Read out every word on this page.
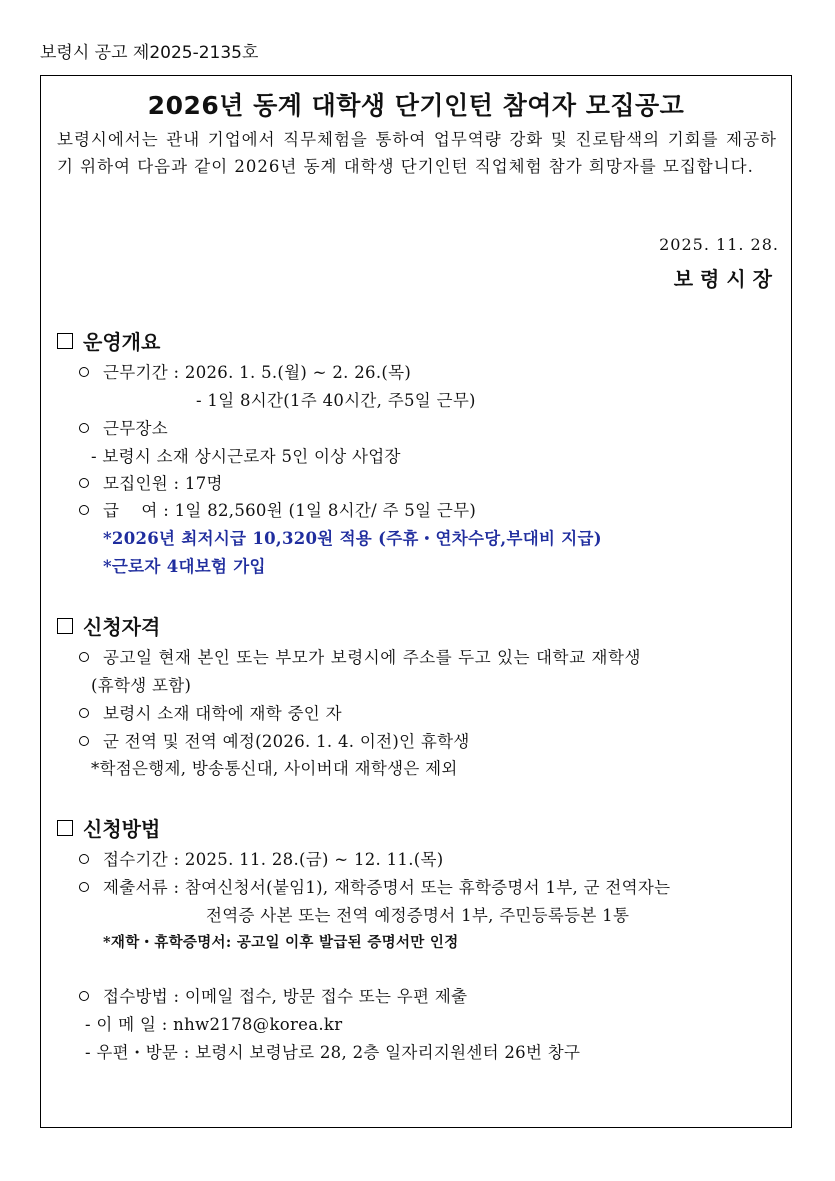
보령시 공고 제2025-2135호
2026년 동계 대학생 단기인턴 참여자 모집공고
보령시에서는 관내 기업에서 직무체험을 통하여 업무역량 강화 및 진로탐색의 기회를 제공하기 위하여 다음과 같이 2026년 동계 대학생 단기인턴 직업체험 참가 희망자를 모집합니다.
2025. 11. 28.
보령시장
운영개요
근무기간 : 2026. 1. 5.(월) ~ 2. 26.(목)
- 1일 8시간(1주 40시간, 주5일 근무)
근무장소
- 보령시 소재 상시근로자 5인 이상 사업장
모집인원 : 17명
급    여 : 1일 82,560원 (1일 8시간/ 주 5일 근무)
*2026년 최저시급 10,320원 적용 (주휴・연차수당,부대비 지급)
*근로자 4대보험 가입
신청자격
공고일 현재 본인 또는 부모가 보령시에 주소를 두고 있는 대학교 재학생
(휴학생 포함)
보령시 소재 대학에 재학 중인 자
군 전역 및 전역 예정(2026. 1. 4. 이전)인 휴학생
*학점은행제, 방송통신대, 사이버대 재학생은 제외
신청방법
접수기간 : 2025. 11. 28.(금) ~ 12. 11.(목)
제출서류 : 참여신청서(붙임1), 재학증명서 또는 휴학증명서 1부, 군 전역자는
전역증 사본 또는 전역 예정증명서 1부, 주민등록등본 1통
*재학・휴학증명서: 공고일 이후 발급된 증명서만 인정
접수방법 : 이메일 접수, 방문 접수 또는 우편 제출
- 이 메 일 : nhw2178@korea.kr
- 우편・방문 : 보령시 보령남로 28, 2층 일자리지원센터 26번 창구
